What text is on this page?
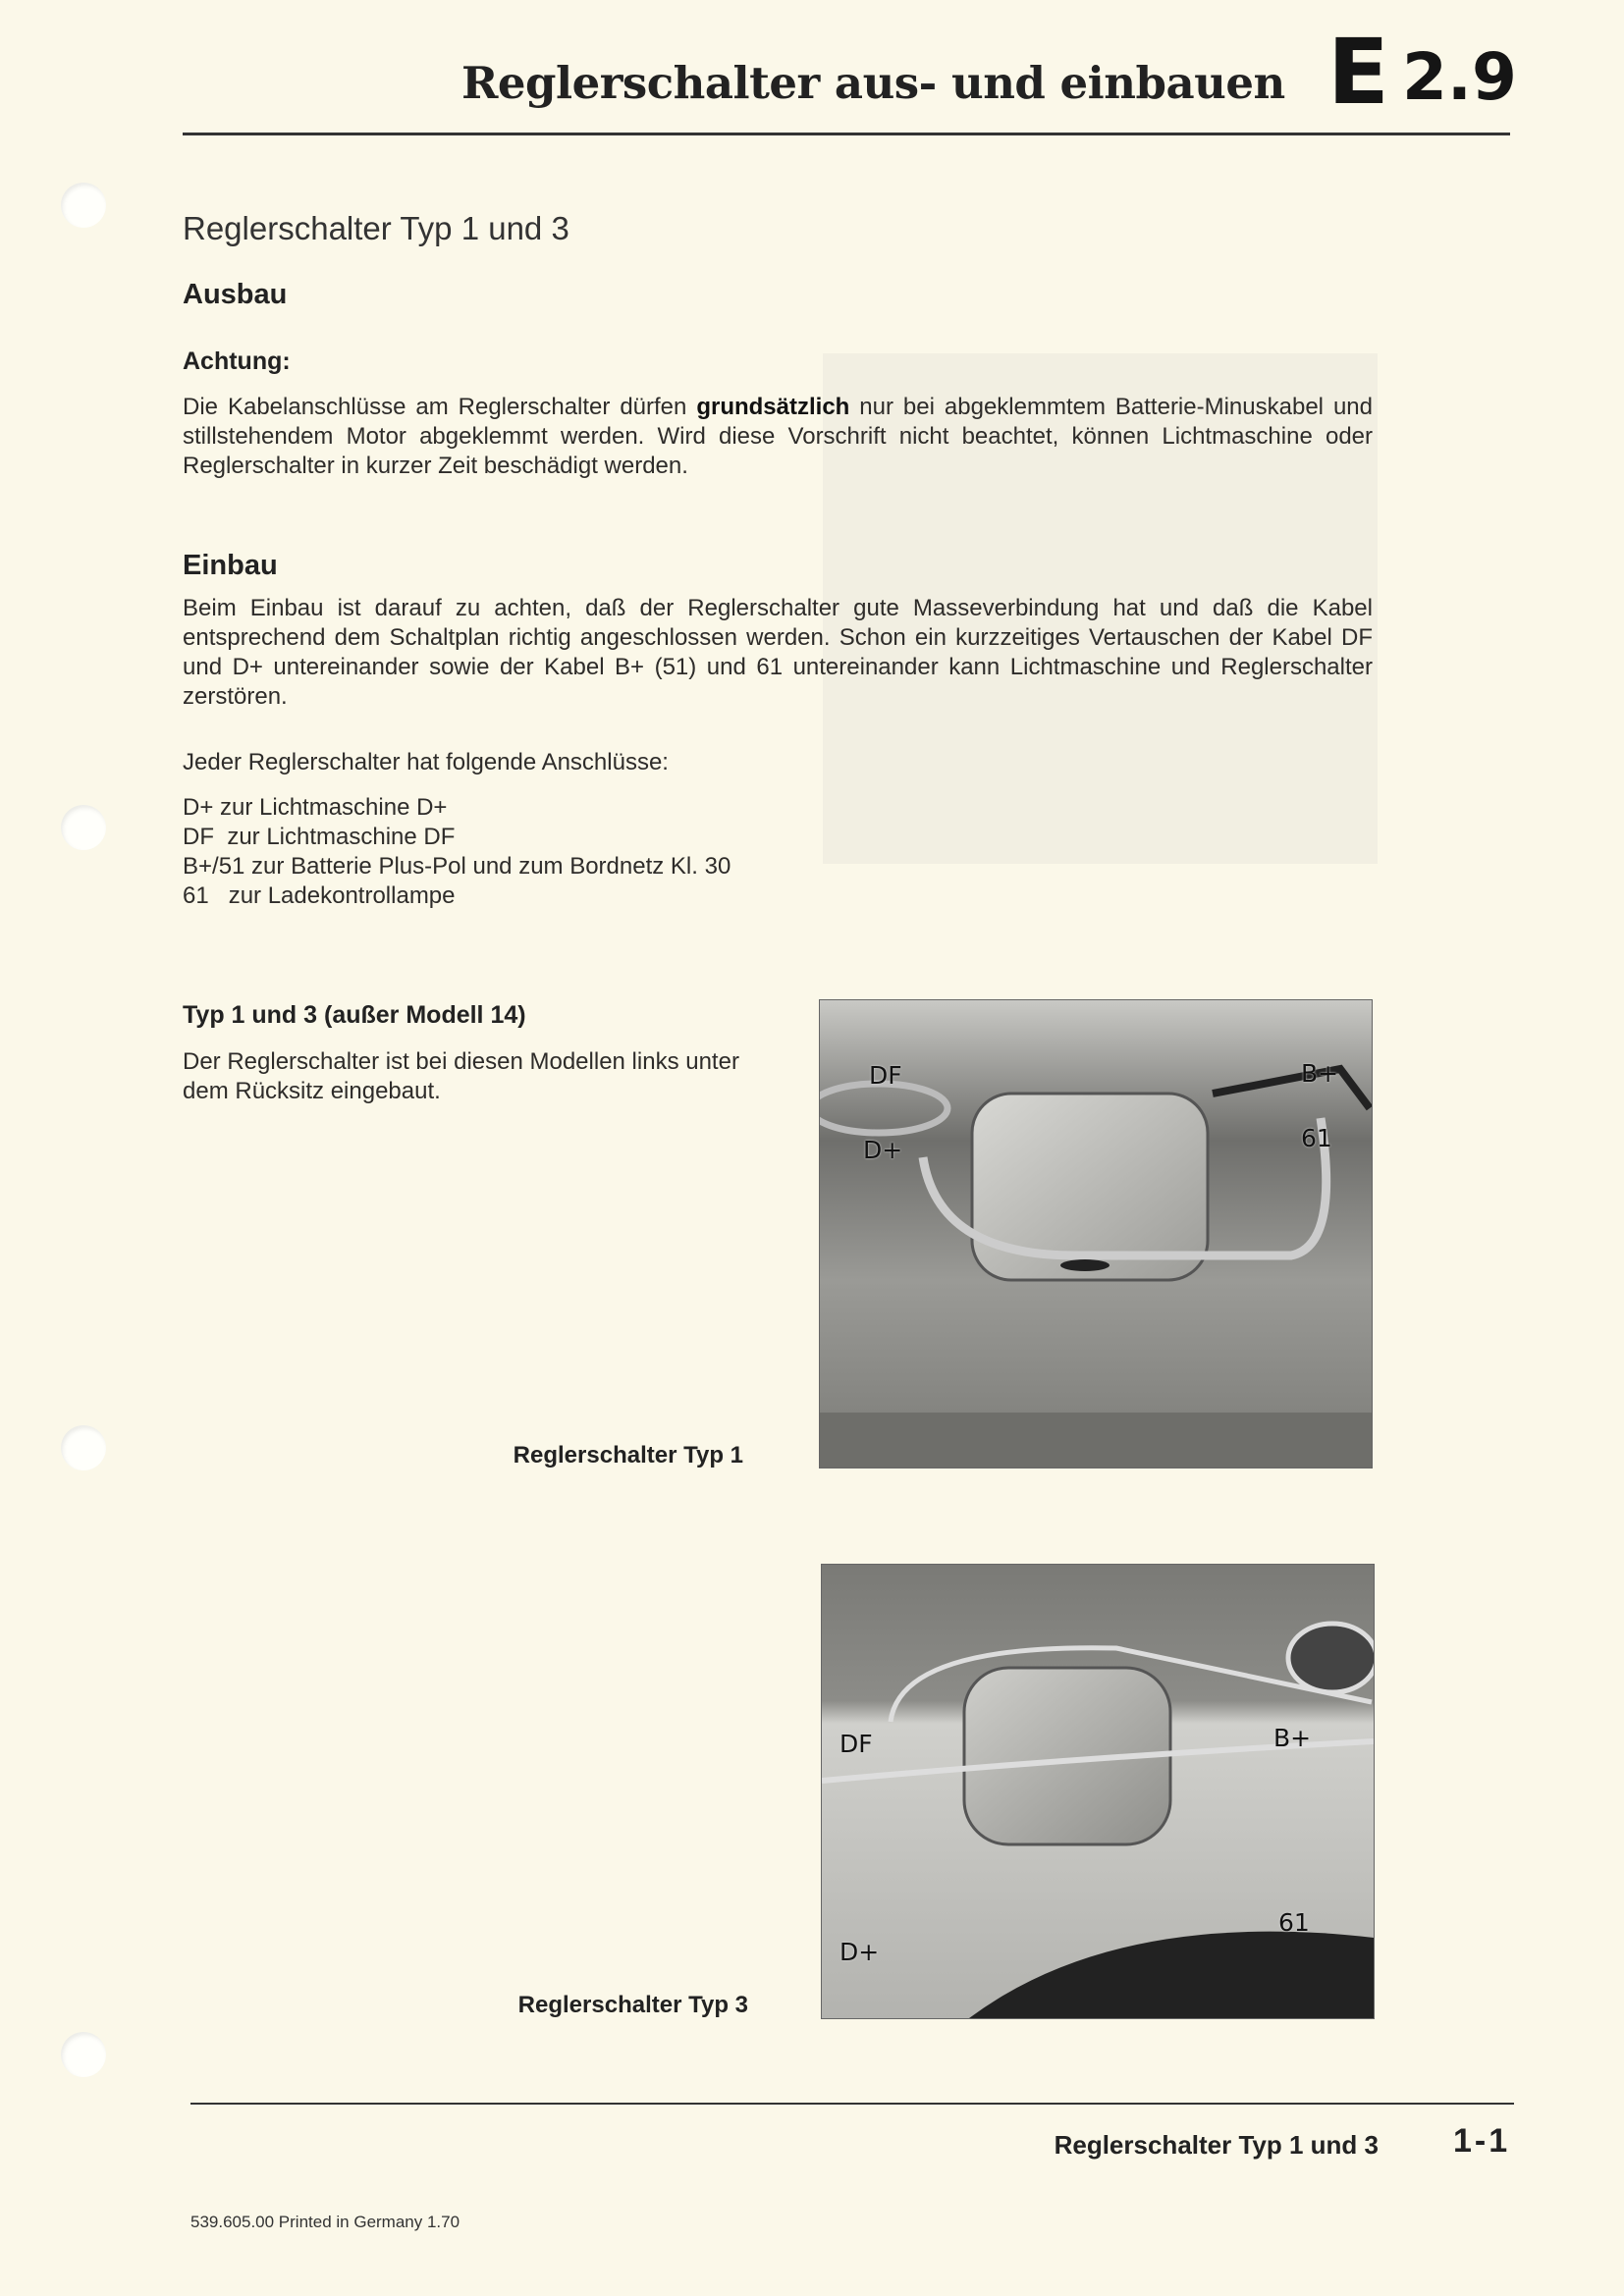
Reglerschalter aus- und einbauen E 2.9
Reglerschalter Typ 1 und 3
Ausbau
Achtung:
Die Kabelanschlüsse am Reglerschalter dürfen grundsätzlich nur bei abgeklemmtem Batterie-Minuskabel und stillstehendem Motor abgeklemmt werden. Wird diese Vorschrift nicht beachtet, können Lichtmaschine oder Reglerschalter in kurzer Zeit beschädigt werden.
Einbau
Beim Einbau ist darauf zu achten, daß der Reglerschalter gute Masseverbindung hat und daß die Kabel entsprechend dem Schaltplan richtig angeschlossen werden. Schon ein kurzzeitiges Vertauschen der Kabel DF und D+ untereinander sowie der Kabel B+ (51) und 61 untereinander kann Lichtmaschine und Reglerschalter zerstören.
Jeder Reglerschalter hat folgende Anschlüsse:
D+ zur Lichtmaschine D+
DF  zur Lichtmaschine DF
B+/51 zur Batterie Plus-Pol und zum Bordnetz Kl. 30
61   zur Ladekontrollampe
Typ 1 und 3 (außer Modell 14)
Der Reglerschalter ist bei diesen Modellen links unter dem Rücksitz eingebaut.
DF
D+
B+
61
Reglerschalter Typ 1
DF
D+
B+
61
Reglerschalter Typ 3
Reglerschalter Typ 1 und 3 1-1
539.605.00 Printed in Germany 1.70
